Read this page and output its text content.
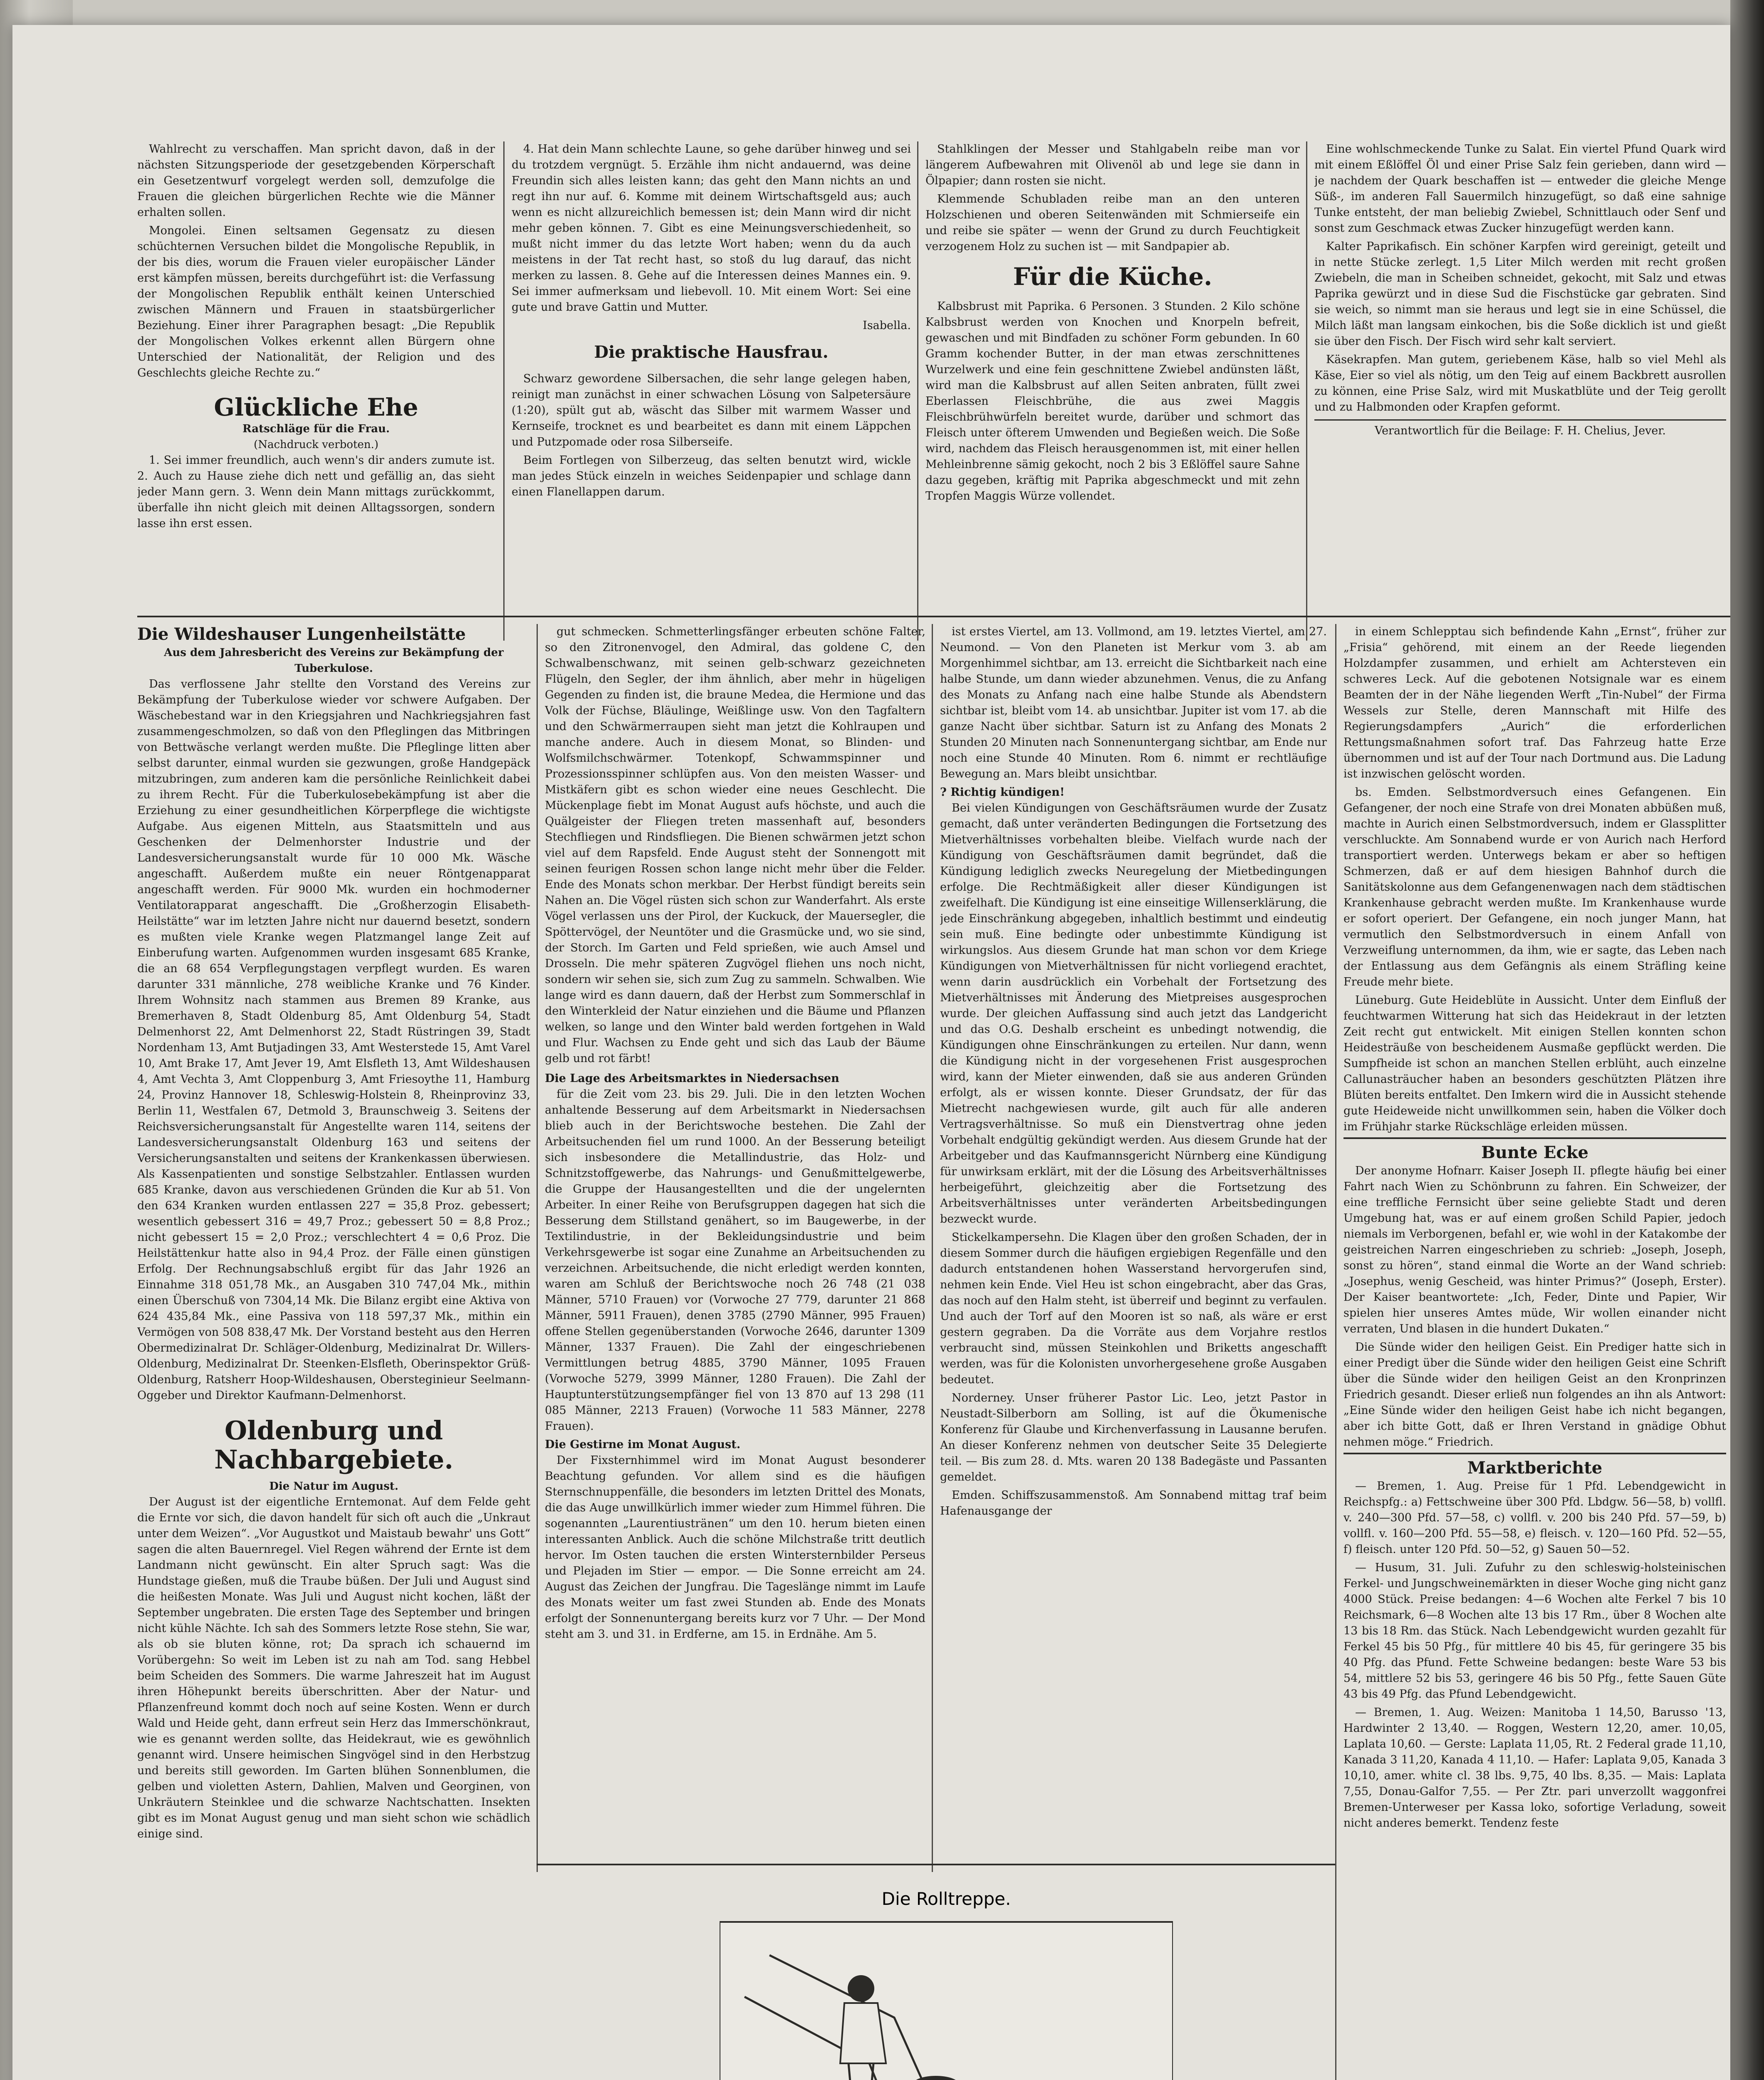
Wahlrecht zu verschaffen. Man spricht davon, daß in der nächsten Sitzungsperiode der gesetzgebenden Körperschaft ein Gesetzentwurf vorgelegt werden soll, demzufolge die Frauen die gleichen bürgerlichen Rechte wie die Männer erhalten sollen.

Mongolei. Einen seltsamen Gegensatz zu diesen schüchternen Versuchen bildet die Mongolische Republik, in der bis dies, worum die Frauen vieler europäischer Länder erst kämpfen müssen, bereits durchgeführt ist: die Verfassung der Mongolischen Republik enthält keinen Unterschied zwischen Männern und Frauen in staatsbürgerlicher Beziehung. Einer ihrer Paragraphen besagt: „Die Republik der Mongolischen Volkes erkennt allen Bürgern ohne Unterschied der Nationalität, der Religion und des Geschlechts gleiche Rechte zu.“

Glückliche Ehe
Ratschläge für die Frau.
(Nachdruck verboten.)

1. Sei immer freundlich, auch wenn's dir anders zumute ist. 2. Auch zu Hause ziehe dich nett und gefällig an, das sieht jeder Mann gern. 3. Wenn dein Mann mittags zurückkommt, überfalle ihn nicht gleich mit deinen Alltagssorgen, sondern lasse ihn erst essen.

4. Hat dein Mann schlechte Laune, so gehe darüber hinweg und sei du trotzdem vergnügt. 5. Erzähle ihm nicht andauernd, was deine Freundin sich alles leisten kann; das geht den Mann nichts an und regt ihn nur auf. 6. Komme mit deinem Wirtschaftsgeld aus; auch wenn es nicht allzureichlich bemessen ist; dein Mann wird dir nicht mehr geben können. 7. Gibt es eine Meinungsverschiedenheit, so mußt nicht immer du das letzte Wort haben; wenn du da auch meistens in der Tat recht hast, so stoß du lug darauf, das nicht merken zu lassen. 8. Gehe auf die Interessen deines Mannes ein. 9. Sei immer aufmerksam und liebevoll. 10. Mit einem Wort: Sei eine gute und brave Gattin und Mutter.

Isabella.
Die praktische Hausfrau.

Schwarz gewordene Silbersachen, die sehr lange gelegen haben, reinigt man zunächst in einer schwachen Lösung von Salpetersäure (1:20), spült gut ab, wäscht das Silber mit warmem Wasser und Kernseife, trocknet es und bearbeitet es dann mit einem Läppchen und Putzpomade oder rosa Silberseife.

Beim Fortlegen von Silberzeug, das selten benutzt wird, wickle man jedes Stück einzeln in weiches Seidenpapier und schlage dann einen Flanellappen darum.

Stahlklingen der Messer und Stahlgabeln reibe man vor längerem Aufbewahren mit Olivenöl ab und lege sie dann in Ölpapier; dann rosten sie nicht.

Klemmende Schubladen reibe man an den unteren Holzschienen und oberen Seitenwänden mit Schmierseife ein und reibe sie später — wenn der Grund zu durch Feuchtigkeit verzogenem Holz zu suchen ist — mit Sandpapier ab.

Für die Küche.

Kalbsbrust mit Paprika. 6 Personen. 3 Stunden. 2 Kilo schöne Kalbsbrust werden von Knochen und Knorpeln befreit, gewaschen und mit Bindfaden zu schöner Form gebunden. In 60 Gramm kochender Butter, in der man etwas zerschnittenes Wurzelwerk und eine fein geschnittene Zwiebel andünsten läßt, wird man die Kalbsbrust auf allen Seiten anbraten, füllt zwei Eberlassen Fleischbrühe, die aus zwei Maggis Fleischbrühwürfeln bereitet wurde, darüber und schmort das Fleisch unter öfterem Umwenden und Begießen weich. Die Soße wird, nachdem das Fleisch herausgenommen ist, mit einer hellen Mehleinbrenne sämig gekocht, noch 2 bis 3 Eßlöffel saure Sahne dazu gegeben, kräftig mit Paprika abgeschmeckt und mit zehn Tropfen Maggis Würze vollendet.

Eine wohlschmeckende Tunke zu Salat. Ein viertel Pfund Quark wird mit einem Eßlöffel Öl und einer Prise Salz fein gerieben, dann wird — je nachdem der Quark beschaffen ist — entweder die gleiche Menge Süß-, im anderen Fall Sauermilch hinzugefügt, so daß eine sahnige Tunke entsteht, der man beliebig Zwiebel, Schnittlauch oder Senf und sonst zum Geschmack etwas Zucker hinzugefügt werden kann.

Kalter Paprikafisch. Ein schöner Karpfen wird gereinigt, geteilt und in nette Stücke zerlegt. 1,5 Liter Milch werden mit recht großen Zwiebeln, die man in Scheiben schneidet, gekocht, mit Salz und etwas Paprika gewürzt und in diese Sud die Fischstücke gar gebraten. Sind sie weich, so nimmt man sie heraus und legt sie in eine Schüssel, die Milch läßt man langsam einkochen, bis die Soße dicklich ist und gießt sie über den Fisch. Der Fisch wird sehr kalt serviert.

Käsekrapfen. Man gutem, geriebenem Käse, halb so viel Mehl als Käse, Eier so viel als nötig, um den Teig auf einem Backbrett ausrollen zu können, eine Prise Salz, wird mit Muskatblüte und der Teig gerollt und zu Halbmonden oder Krapfen geformt.

Verantwortlich für die Beilage: F. H. Chelius, Jever.
Die Wildeshauser Lungenheilstätte
Aus dem Jahresbericht des Vereins zur Bekämpfung der Tuberkulose.

Das verflossene Jahr stellte den Vorstand des Vereins zur Bekämpfung der Tuberkulose wieder vor schwere Aufgaben. Der Wäschebestand war in den Kriegsjahren und Nachkriegsjahren fast zusammengeschmolzen, so daß von den Pfleglingen das Mitbringen von Bettwäsche verlangt werden mußte. Die Pfleglinge litten aber selbst darunter, einmal wurden sie gezwungen, große Handgepäck mitzubringen, zum anderen kam die persönliche Reinlichkeit dabei zu ihrem Recht. Für die Tuberkulosebekämpfung ist aber die Erziehung zu einer gesundheitlichen Körperpflege die wichtigste Aufgabe. Aus eigenen Mitteln, aus Staatsmitteln und aus Geschenken der Delmenhorster Industrie und der Landesversicherungsanstalt wurde für 10 000 Mk. Wäsche angeschafft. Außerdem mußte ein neuer Röntgenapparat angeschafft werden. Für 9000 Mk. wurden ein hochmoderner Ventilatorapparat angeschafft. Die „Großherzogin Elisabeth-Heilstätte“ war im letzten Jahre nicht nur dauernd besetzt, sondern es mußten viele Kranke wegen Platzmangel lange Zeit auf Einberufung warten. Aufgenommen wurden insgesamt 685 Kranke, die an 68 654 Verpflegungstagen verpflegt wurden. Es waren darunter 331 männliche, 278 weibliche Kranke und 76 Kinder. Ihrem Wohnsitz nach stammen aus Bremen 89 Kranke, aus Bremerhaven 8, Stadt Oldenburg 85, Amt Oldenburg 54, Stadt Delmenhorst 22, Amt Delmenhorst 22, Stadt Rüstringen 39, Stadt Nordenham 13, Amt Butjadingen 33, Amt Westerstede 15, Amt Varel 10, Amt Brake 17, Amt Jever 19, Amt Elsfleth 13, Amt Wildeshausen 4, Amt Vechta 3, Amt Cloppenburg 3, Amt Friesoythe 11, Hamburg 24, Provinz Hannover 18, Schleswig-Holstein 8, Rheinprovinz 33, Berlin 11, Westfalen 67, Detmold 3, Braunschweig 3. Seitens der Reichsversicherungsanstalt für Angestellte waren 114, seitens der Landesversicherungsanstalt Oldenburg 163 und seitens der Versicherungsanstalten und seitens der Krankenkassen überwiesen. Als Kassenpatienten und sonstige Selbstzahler. Entlassen wurden 685 Kranke, davon aus verschiedenen Gründen die Kur ab 51. Von den 634 Kranken wurden entlassen 227 = 35,8 Proz. gebessert; wesentlich gebessert 316 = 49,7 Proz.; gebessert 50 = 8,8 Proz.; nicht gebessert 15 = 2,0 Proz.; verschlechtert 4 = 0,6 Proz. Die Heilstättenkur hatte also in 94,4 Proz. der Fälle einen günstigen Erfolg. Der Rechnungsabschluß ergibt für das Jahr 1926 an Einnahme 318 051,78 Mk., an Ausgaben 310 747,04 Mk., mithin einen Überschuß von 7304,14 Mk. Die Bilanz ergibt eine Aktiva von 624 435,84 Mk., eine Passiva von 118 597,37 Mk., mithin ein Vermögen von 508 838,47 Mk. Der Vorstand besteht aus den Herren Obermedizinalrat Dr. Schläger-Oldenburg, Medizinalrat Dr. Willers-Oldenburg, Medizinalrat Dr. Steenken-Elsfleth, Oberinspektor Grüß-Oldenburg, Ratsherr Hoop-Wildeshausen, Obersteginieur Seelmann-Oggeber und Direktor Kaufmann-Delmenhorst.

Oldenburg und Nachbargebiete.
Die Natur im August.

Der August ist der eigentliche Erntemonat. Auf dem Felde geht die Ernte vor sich, die davon handelt für sich oft auch die „Unkraut unter dem Weizen“. „Vor Augustkot und Maistaub bewahr' uns Gott“ sagen die alten Bauernregel. Viel Regen während der Ernte ist dem Landmann nicht gewünscht. Ein alter Spruch sagt: Was die Hundstage gießen, muß die Traube büßen. Der Juli und August sind die heißesten Monate. Was Juli und August nicht kochen, läßt der September ungebraten. Die ersten Tage des September und bringen nicht kühle Nächte. Ich sah des Sommers letzte Rose stehn, Sie war, als ob sie bluten könne, rot; Da sprach ich schauernd im Vorübergehn: So weit im Leben ist zu nah am Tod. sang Hebbel beim Scheiden des Sommers. Die warme Jahreszeit hat im August ihren Höhepunkt bereits überschritten. Aber der Natur- und Pflanzenfreund kommt doch noch auf seine Kosten. Wenn er durch Wald und Heide geht, dann erfreut sein Herz das Immerschönkraut, wie es genannt werden sollte, das Heidekraut, wie es gewöhnlich genannt wird. Unsere heimischen Singvögel sind in den Herbstzug und bereits still geworden. Im Garten blühen Sonnenblumen, die gelben und violetten Astern, Dahlien, Malven und Georginen, von Unkräutern Steinklee und die schwarze Nachtschatten. Insekten gibt es im Monat August genug und man sieht schon wie schädlich einige sind.

gut schmecken. Schmetterlingsfänger erbeuten schöne Falter, so den Zitronenvogel, den Admiral, das goldene C, den Schwalbenschwanz, mit seinen gelb-schwarz gezeichneten Flügeln, den Segler, der ihm ähnlich, aber mehr in hügeligen Gegenden zu finden ist, die braune Medea, die Hermione und das Volk der Füchse, Bläulinge, Weißlinge usw. Von den Tagfaltern und den Schwärmerraupen sieht man jetzt die Kohlraupen und manche andere. Auch in diesem Monat, so Blinden- und Wolfsmilchschwärmer. Totenkopf, Schwammspinner und Prozessionsspinner schlüpfen aus. Von den meisten Wasser- und Mistkäfern gibt es schon wieder eine neues Geschlecht. Die Mückenplage fiebt im Monat August aufs höchste, und auch die Quälgeister der Fliegen treten massenhaft auf, besonders Stechfliegen und Rindsfliegen. Die Bienen schwärmen jetzt schon viel auf dem Rapsfeld. Ende August steht der Sonnengott mit seinen feurigen Rossen schon lange nicht mehr über die Felder. Ende des Monats schon merkbar. Der Herbst fündigt bereits sein Nahen an. Die Vögel rüsten sich schon zur Wanderfahrt. Als erste Vögel verlassen uns der Pirol, der Kuckuck, der Mauersegler, die Spöttervögel, der Neuntöter und die Grasmücke und, wo sie sind, der Storch. Im Garten und Feld sprießen, wie auch Amsel und Drosseln. Die mehr späteren Zugvögel fliehen uns noch nicht, sondern wir sehen sie, sich zum Zug zu sammeln. Schwalben. Wie lange wird es dann dauern, daß der Herbst zum Sommerschlaf in den Winterkleid der Natur einziehen und die Bäume und Pflanzen welken, so lange und den Winter bald werden fortgehen in Wald und Flur. Wachsen zu Ende geht und sich das Laub der Bäume gelb und rot färbt!

Die Lage des Arbeitsmarktes in Niedersachsen

für die Zeit vom 23. bis 29. Juli. Die in den letzten Wochen anhaltende Besserung auf dem Arbeitsmarkt in Niedersachsen blieb auch in der Berichtswoche bestehen. Die Zahl der Arbeitsuchenden fiel um rund 1000. An der Besserung beteiligt sich insbesondere die Metallindustrie, das Holz- und Schnitzstoffgewerbe, das Nahrungs- und Genußmittelgewerbe, die Gruppe der Hausangestellten und die der ungelernten Arbeiter. In einer Reihe von Berufsgruppen dagegen hat sich die Besserung dem Stillstand genähert, so im Baugewerbe, in der Textilindustrie, in der Bekleidungsindustrie und beim Verkehrsgewerbe ist sogar eine Zunahme an Arbeitsuchenden zu verzeichnen. Arbeitsuchende, die nicht erledigt werden konnten, waren am Schluß der Berichtswoche noch 26 748 (21 038 Männer, 5710 Frauen) vor (Vorwoche 27 779, darunter 21 868 Männer, 5911 Frauen), denen 3785 (2790 Männer, 995 Frauen) offene Stellen gegenüberstanden (Vorwoche 2646, darunter 1309 Männer, 1337 Frauen). Die Zahl der eingeschriebenen Vermittlungen betrug 4885, 3790 Männer, 1095 Frauen (Vorwoche 5279, 3999 Männer, 1280 Frauen). Die Zahl der Hauptunterstützungsempfänger fiel von 13 870 auf 13 298 (11 085 Männer, 2213 Frauen) (Vorwoche 11 583 Männer, 2278 Frauen).

Die Gestirne im Monat August.

Der Fixsternhimmel wird im Monat August besonderer Beachtung gefunden. Vor allem sind es die häufigen Sternschnuppenfälle, die besonders im letzten Drittel des Monats, die das Auge unwillkürlich immer wieder zum Himmel führen. Die sogenannten „Laurentiustränen“ um den 10. herum bieten einen interessanten Anblick. Auch die schöne Milchstraße tritt deutlich hervor. Im Osten tauchen die ersten Wintersternbilder Perseus und Plejaden im Stier — empor. — Die Sonne erreicht am 24. August das Zeichen der Jungfrau. Die Tageslänge nimmt im Laufe des Monats weiter um fast zwei Stunden ab. Ende des Monats erfolgt der Sonnenuntergang bereits kurz vor 7 Uhr. — Der Mond steht am 3. und 31. in Erdferne, am 15. in Erdnähe. Am 5.

ist erstes Viertel, am 13. Vollmond, am 19. letztes Viertel, am 27. Neumond. — Von den Planeten ist Merkur vom 3. ab am Morgenhimmel sichtbar, am 13. erreicht die Sichtbarkeit nach eine halbe Stunde, um dann wieder abzunehmen. Venus, die zu Anfang des Monats zu Anfang nach eine halbe Stunde als Abendstern sichtbar ist, bleibt vom 14. ab unsichtbar. Jupiter ist vom 17. ab die ganze Nacht über sichtbar. Saturn ist zu Anfang des Monats 2 Stunden 20 Minuten nach Sonnenuntergang sichtbar, am Ende nur noch eine Stunde 40 Minuten. Rom 6. nimmt er rechtläufige Bewegung an. Mars bleibt unsichtbar.

? Richtig kündigen!

Bei vielen Kündigungen von Geschäftsräumen wurde der Zusatz gemacht, daß unter veränderten Bedingungen die Fortsetzung des Mietverhältnisses vorbehalten bleibe. Vielfach wurde nach der Kündigung von Geschäftsräumen damit begründet, daß die Kündigung lediglich zwecks Neuregelung der Mietbedingungen erfolge. Die Rechtmäßigkeit aller dieser Kündigungen ist zweifelhaft. Die Kündigung ist eine einseitige Willenserklärung, die jede Einschränkung abgegeben, inhaltlich bestimmt und eindeutig sein muß. Eine bedingte oder unbestimmte Kündigung ist wirkungslos. Aus diesem Grunde hat man schon vor dem Kriege Kündigungen von Mietverhältnissen für nicht vorliegend erachtet, wenn darin ausdrücklich ein Vorbehalt der Fortsetzung des Mietverhältnisses mit Änderung des Mietpreises ausgesprochen wurde. Der gleichen Auffassung sind auch jetzt das Landgericht und das O.G. Deshalb erscheint es unbedingt notwendig, die Kündigungen ohne Einschränkungen zu erteilen. Nur dann, wenn die Kündigung nicht in der vorgesehenen Frist ausgesprochen wird, kann der Mieter einwenden, daß sie aus anderen Gründen erfolgt, als er wissen konnte. Dieser Grundsatz, der für das Mietrecht nachgewiesen wurde, gilt auch für alle anderen Vertragsverhältnisse. So muß ein Dienstvertrag ohne jeden Vorbehalt endgültig gekündigt werden. Aus diesem Grunde hat der Arbeitgeber und das Kaufmannsgericht Nürnberg eine Kündigung für unwirksam erklärt, mit der die Lösung des Arbeitsverhältnisses herbeigeführt, gleichzeitig aber die Fortsetzung des Arbeitsverhältnisses unter veränderten Arbeitsbedingungen bezweckt wurde.

Stickelkampersehn. Die Klagen über den großen Schaden, der in diesem Sommer durch die häufigen ergiebigen Regenfälle und den dadurch entstandenen hohen Wasserstand hervorgerufen sind, nehmen kein Ende. Viel Heu ist schon eingebracht, aber das Gras, das noch auf den Halm steht, ist überreif und beginnt zu verfaulen. Und auch der Torf auf den Mooren ist so naß, als wäre er erst gestern gegraben. Da die Vorräte aus dem Vorjahre restlos verbraucht sind, müssen Steinkohlen und Briketts angeschafft werden, was für die Kolonisten unvorhergesehene große Ausgaben bedeutet.

Norderney. Unser früherer Pastor Lic. Leo, jetzt Pastor in Neustadt-Silberborn am Solling, ist auf die Ökumenische Konferenz für Glaube und Kirchenverfassung in Lausanne berufen. An dieser Konferenz nehmen von deutscher Seite 35 Delegierte teil. — Bis zum 28. d. Mts. waren 20 138 Badegäste und Passanten gemeldet.

Emden. Schiffszusammenstoß. Am Sonnabend mittag traf beim Hafenausgange der

in einem Schlepptau sich befindende Kahn „Ernst“, früher zur „Frisia“ gehörend, mit einem an der Reede liegenden Holzdampfer zusammen, und erhielt am Achtersteven ein schweres Leck. Auf die gebotenen Notsignale war es einem Beamten der in der Nähe liegenden Werft „Tin-Nubel“ der Firma Wessels zur Stelle, deren Mannschaft mit Hilfe des Regierungsdampfers „Aurich“ die erforderlichen Rettungsmaßnahmen sofort traf. Das Fahrzeug hatte Erze übernommen und ist auf der Tour nach Dortmund aus. Die Ladung ist inzwischen gelöscht worden.

bs. Emden. Selbstmordversuch eines Gefangenen. Ein Gefangener, der noch eine Strafe von drei Monaten abbüßen muß, machte in Aurich einen Selbstmordversuch, indem er Glassplitter verschluckte. Am Sonnabend wurde er von Aurich nach Herford transportiert werden. Unterwegs bekam er aber so heftigen Schmerzen, daß er auf dem hiesigen Bahnhof durch die Sanitätskolonne aus dem Gefangenenwagen nach dem städtischen Krankenhause gebracht werden mußte. Im Krankenhause wurde er sofort operiert. Der Gefangene, ein noch junger Mann, hat vermutlich den Selbstmordversuch in einem Anfall von Verzweiflung unternommen, da ihm, wie er sagte, das Leben nach der Entlassung aus dem Gefängnis als einem Sträfling keine Freude mehr biete.

Lüneburg. Gute Heideblüte in Aussicht. Unter dem Einfluß der feuchtwarmen Witterung hat sich das Heidekraut in der letzten Zeit recht gut entwickelt. Mit einigen Stellen konnten schon Heidesträuße von bescheidenem Ausmaße gepflückt werden. Die Sumpfheide ist schon an manchen Stellen erblüht, auch einzelne Callunasträucher haben an besonders geschützten Plätzen ihre Blüten bereits entfaltet. Den Imkern wird die in Aussicht stehende gute Heideweide nicht unwillkommen sein, haben die Völker doch im Frühjahr starke Rückschläge erleiden müssen.

Bunte Ecke

Der anonyme Hofnarr. Kaiser Joseph II. pflegte häufig bei einer Fahrt nach Wien zu Schönbrunn zu fahren. Ein Schweizer, der eine treffliche Fernsicht über seine geliebte Stadt und deren Umgebung hat, was er auf einem großen Schild Papier, jedoch niemals im Verborgenen, befahl er, wie wohl in der Katakombe der geistreichen Narren eingeschrieben zu schrieb: „Joseph, Joseph, sonst zu hören“, stand einmal die Worte an der Wand schrieb: „Josephus, wenig Gescheid, was hinter Primus?“ (Joseph, Erster). Der Kaiser beantwortete: „Ich, Feder, Dinte und Papier, Wir spielen hier unseres Amtes müde, Wir wollen einander nicht verraten, Und blasen in die hundert Dukaten.“

Die Sünde wider den heiligen Geist. Ein Prediger hatte sich in einer Predigt über die Sünde wider den heiligen Geist eine Schrift über die Sünde wider den heiligen Geist an den Kronprinzen Friedrich gesandt. Dieser erließ nun folgendes an ihn als Antwort: „Eine Sünde wider den heiligen Geist habe ich nicht begangen, aber ich bitte Gott, daß er Ihren Verstand in gnädige Obhut nehmen möge.“ Friedrich.

Marktberichte

— Bremen, 1. Aug. Preise für 1 Pfd. Lebendgewicht in Reichspfg.: a) Fettschweine über 300 Pfd. Lbdgw. 56—58, b) vollfl. v. 240—300 Pfd. 57—58, c) vollfl. v. 200 bis 240 Pfd. 57—59, b) vollfl. v. 160—200 Pfd. 55—58, e) fleisch. v. 120—160 Pfd. 52—55, f) fleisch. unter 120 Pfd. 50—52, g) Sauen 50—52.

— Husum, 31. Juli. Zufuhr zu den schleswig-holsteinischen Ferkel- und Jungschweinemärkten in dieser Woche ging nicht ganz 4000 Stück. Preise bedangen: 4—6 Wochen alte Ferkel 7 bis 10 Reichsmark, 6—8 Wochen alte 13 bis 17 Rm., über 8 Wochen alte 13 bis 18 Rm. das Stück. Nach Lebendgewicht wurden gezahlt für Ferkel 45 bis 50 Pfg., für mittlere 40 bis 45, für geringere 35 bis 40 Pfg. das Pfund. Fette Schweine bedangen: beste Ware 53 bis 54, mittlere 52 bis 53, geringere 46 bis 50 Pfg., fette Sauen Güte 43 bis 49 Pfg. das Pfund Lebendgewicht.

— Bremen, 1. Aug. Weizen: Manitoba 1 14,50, Barusso '13, Hardwinter 2 13,40. — Roggen, Western 12,20, amer. 10,05, Laplata 10,60. — Gerste: Laplata 11,05, Rt. 2 Federal grade 11,10, Kanada 3 11,20, Kanada 4 11,10. — Hafer: Laplata 9,05, Kanada 3 10,10, amer. white cl. 38 lbs. 9,75, 40 lbs. 8,35. — Mais: Laplata 7,55, Donau-Galfor 7,55. — Per Ztr. pari unverzollt waggonfrei Bremen-Unterweser per Kassa loko, sofortige Verladung, soweit nicht anderes bemerkt. Tendenz feste

Die Rolltreppe.
